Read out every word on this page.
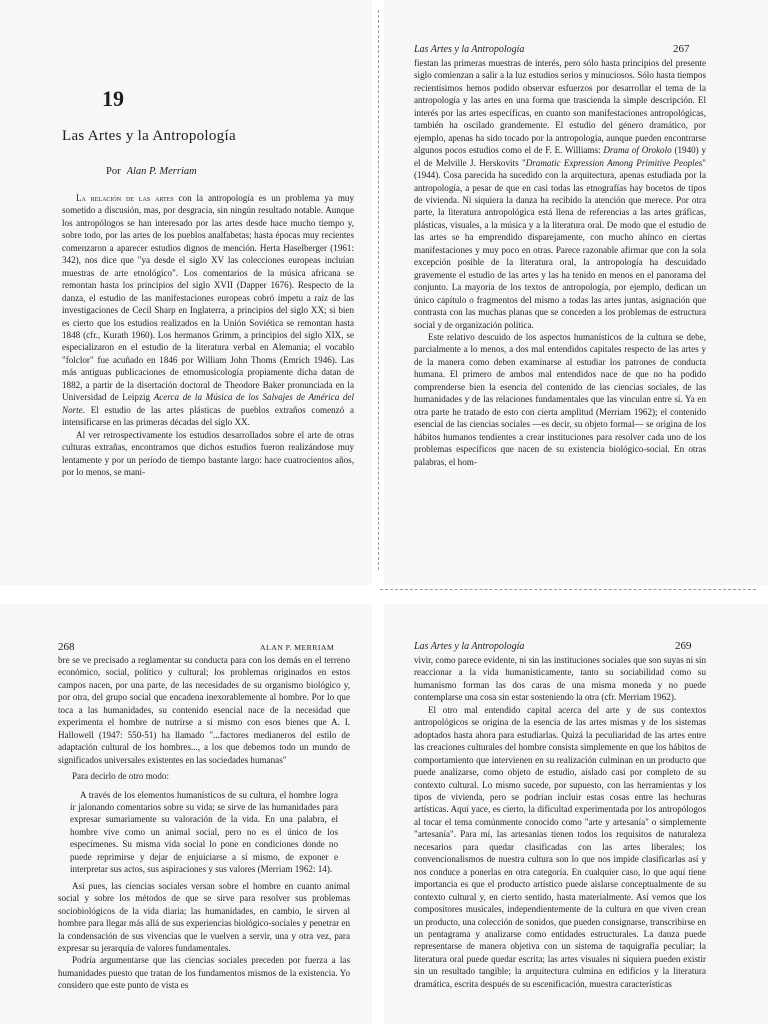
19
Las Artes y la Antropología
Por Alan P. Merriam

La relación de las artes con la antropología es un problema ya muy sometido a discusión, mas, por desgracia, sin ningún resultado notable. Aunque los antropólogos se han interesado por las artes desde hace mucho tiempo y, sobre todo, por las artes de los pueblos analfabetas; hasta épocas muy recientes comenzaron a aparecer estudios dignos de mención. Herta Haselberger (1961: 342), nos dice que "ya desde el siglo XV las colecciones europeas incluían muestras de arte etnológico". Los comentarios de la música africana se remontan hasta los principios del siglo XVII (Dapper 1676). Respecto de la danza, el estudio de las manifestaciones europeas cobró ímpetu a raíz de las investigaciones de Cecil Sharp en Inglaterra, a principios del siglo XX; si bien es cierto que los estudios realizados en la Unión Soviética se remontan hasta 1848 (cfr., Kurath 1960). Los hermanos Grimm, a principios del siglo XIX, se especializaron en el estudio de la literatura verbal en Alemania; el vocablo "folclor" fue acuñado en 1846 por William John Thoms (Emrich 1946). Las más antiguas publicaciones de etnomusicología propiamente dicha datan de 1882, a partir de la disertación doctoral de Theodore Baker pronunciada en la Universidad de Leipzig Acerca de la Música de los Salvajes de América del Norte. El estudio de las artes plásticas de pueblos extraños comenzó a intensificarse en las primeras décadas del siglo XX.

Al ver retrospectivamente los estudios desarrollados sobre el arte de otras culturas extrañas, encontramos que dichos estudios fueron realizándose muy lentamente y por un período de tiempo bastante largo: hace cuatrocientos años, por lo menos, se mani-

Las Artes y la Antropología	267

fiestan las primeras muestras de interés, pero sólo hasta principios del presente siglo comienzan a salir a la luz estudios serios y minuciosos. Sólo hasta tiempos recientísimos hemos podido observar esfuerzos por desarrollar el tema de la antropología y las artes en una forma que trascienda la simple descripción. El interés por las artes específicas, en cuanto son manifestaciones antropológicas, también ha oscilado grandemente. El estudio del género dramático, por ejemplo, apenas ha sido tocado por la antropología, aunque pueden encontrarse algunos pocos estudios como el de F. E. Williams: Drama of Orokolo (1940) y el de Melville J. Herskovits "Dramatic Expression Among Primitive Peoples" (1944). Cosa parecida ha sucedido con la arquitectura, apenas estudiada por la antropología, a pesar de que en casi todas las etnografías hay bocetos de tipos de vivienda. Ni siquiera la danza ha recibido la atención que merece. Por otra parte, la literatura antropológica está llena de referencias a las artes gráficas, plásticas, visuales, a la música y a la literatura oral. De modo que el estudio de las artes se ha emprendido disparejamente, con mucho ahínco en ciertas manifestaciones y muy poco en otras. Parece razonable afirmar que con la sola excepción posible de la literatura oral, la antropología ha descuidado gravemente el estudio de las artes y las ha tenido en menos en el panorama del conjunto. La mayoría de los textos de antropología, por ejemplo, dedican un único capítulo o fragmentos del mismo a todas las artes juntas, asignación que contrasta con las muchas planas que se conceden a los problemas de estructura social y de organización política.

Este relativo descuido de los aspectos humanísticos de la cultura se debe, parcialmente a lo menos, a dos mal entendidos capitales respecto de las artes y de la manera como deben examinarse al estudiar los patrones de conducta humana. El primero de ambos mal entendidos nace de que no ha podido comprenderse bien la esencia del contenido de las ciencias sociales, de las humanidades y de las relaciones fundamentales que las vinculan entre sí. Ya en otra parte he tratado de esto con cierta amplitud (Merriam 1962); el contenido esencial de las ciencias sociales —es decir, su objeto formal— se origina de los hábitos humanos tendientes a crear instituciones para resolver cada uno de los problemas específicos que nacen de su existencia biológico-social. En otras palabras, el hom-

268	ALAN P. MERRIAM

bre se ve precisado a reglamentar su conducta para con los demás en el terreno económico, social, político y cultural; los problemas originados en estos campos nacen, por una parte, de las necesidades de su organismo biológico y, por otra, del grupo social que encadena inexorablemente al hombre. Por lo que toca a las humanidades, su contenido esencial nace de la necesidad que experimenta el hombre de nutrirse a sí mismo con esos bienes que A. I. Hallowell (1947: 550-51) ha llamado "...factores medianeros del estilo de adaptación cultural de los hombres..., a los que debemos todo un mundo de significados universales existentes en las sociedades humanas"

Para decirlo de otro modo:

A través de los elementos humanísticos de su cultura, el hombre logra ir jalonando comentarios sobre su vida; se sirve de las humanidades para expresar sumariamente su valoración de la vida. En una palabra, el hombre vive como un animal social, pero no es el único de los especímenes. Su misma vida social lo pone en condiciones donde no puede reprimirse y dejar de enjuiciarse a sí mismo, de exponer e interpretar sus actos, sus aspiraciones y sus valores (Merriam 1962: 14).

Así pues, las ciencias sociales versan sobre el hombre en cuanto animal social y sobre los métodos de que se sirve para resolver sus problemas sociobiológicos de la vida diaria; las humanidades, en cambio, le sirven al hombre para llegar más allá de sus experiencias biológico-sociales y penetrar en la condensación de sus vivencias que le vuelven a servir, una y otra vez, para expresar su jerarquía de valores fundamentales.

Podría argumentarse que las ciencias sociales preceden por fuerza a las humanidades puesto que tratan de los fundamentos mismos de la existencia. Yo considero que este punto de vista es

Las Artes y la Antropología	269

vivir, como parece evidente, ni sin las instituciones sociales que son suyas ni sin reaccionar a la vida humanísticamente, tanto su sociabilidad como su humanismo forman las dos caras de una misma moneda y no puede contemplarse una cosa sin estar sosteniendo la otra (cfr. Merriam 1962).

El otro mal entendido capital acerca del arte y de sus contextos antropológicos se origina de la esencia de las artes mismas y de los sistemas adoptados hasta ahora para estudiarlas. Quizá la peculiaridad de las artes entre las creaciones culturales del hombre consista simplemente en que los hábitos de comportamiento que intervienen en su realización culminan en un producto que puede analizarse, como objeto de estudio, aislado casi por completo de su contexto cultural. Lo mismo sucede, por supuesto, con las herramientas y los tipos de vivienda, pero se podrían incluir estas cosas entre las hechuras artísticas. Aquí yace, es cierto, la dificultad experimentada por los antropólogos al tocar el tema comúnmente conocido como "arte y artesanía" o simplemente "artesanía". Para mí, las artesanías tienen todos los requisitos de naturaleza necesarios para quedar clasificadas con las artes liberales; los convencionalismos de nuestra cultura son lo que nos impide clasificarlas así y nos conduce a ponerlas en otra categoría. En cualquier caso, lo que aquí tiene importancia es que el producto artístico puede aislarse conceptualmente de su contexto cultural y, en cierto sentido, hasta materialmente. Así vemos que los compositores musicales, independientemente de la cultura en que viven crean un producto, una colección de sonidos, que pueden consignarse, transcribirse en un pentagrama y analizarse como entidades estructurales. La danza puede representarse de manera objetiva con un sistema de taquigrafía peculiar; la literatura oral puede quedar escrita; las artes visuales ni siquiera pueden existir sin un resultado tangible; la arquitectura culmina en edificios y la literatura dramática, escrita después de su escenificación, muestra características
